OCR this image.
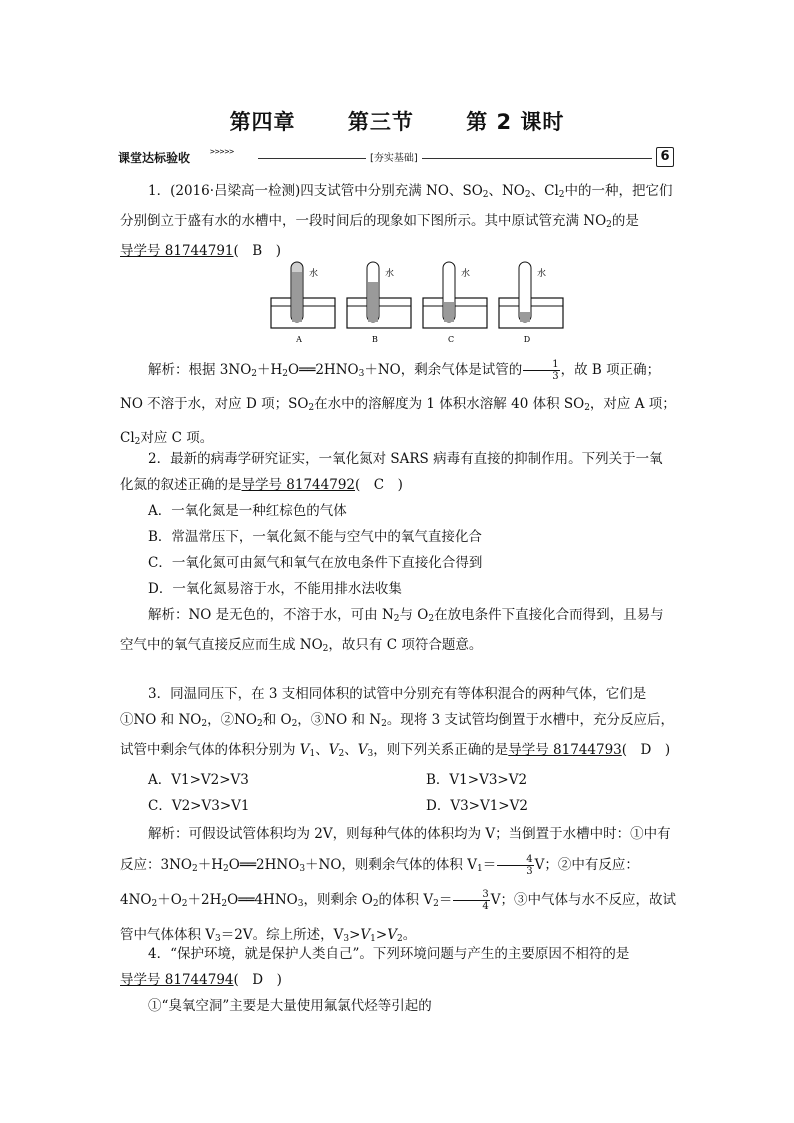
第四章 第三节 第 2 课时
课堂达标验收 >>>>>
[夯实基础]	6

1．(2016·吕梁高一检测)四支试管中分别充满 NO、$SO_2$、$NO_2$、$Cl_2$中的一种，把它们分别倒立于盛有水的水槽中，一段时间后的现象如下图所示。其中原试管充满 $NO_2$的是

导学号 81744791(　B　)

水
A
水
B
水
C
水
D

解析：根据 $3NO_2+H_2O══2HNO_3+NO$，剩余气体是试管的 $\frac{1}{3}$ ，故 B 项正确；NO 不溶于水，对应 D 项；$SO_2$在水中的溶解度为 1 体积水溶解 40 体积 $SO_2$，对应 A 项；$Cl_2$对应 C 项。

2．最新的病毒学研究证实，一氧化氮对 SARS 病毒有直接的抑制作用。下列关于一氧化氮的叙述正确的是导学号 81744792(　C　)

A．一氧化氮是一种红棕色的气体

B．常温常压下，一氧化氮不能与空气中的氧气直接化合

C．一氧化氮可由氮气和氧气在放电条件下直接化合得到

D．一氧化氮易溶于水，不能用排水法收集

解析：NO 是无色的，不溶于水，可由 $N_2$与 $O_2$在放电条件下直接化合而得到，且易与空气中的氧气直接反应而生成 $NO_2$，故只有 C 项符合题意。

3．同温同压下，在 3 支相同体积的试管中分别充有等体积混合的两种气体，它们是①NO 和 $NO_2$，$②NO_2$和 $O_2$，③NO 和 $N_2$。现将 3 支试管均倒置于水槽中，充分反应后，试管中剩余气体的体积分别为 $V_1$、$V_2$、$V_3$，则下列关系正确的是导学号 81744793(　D　)

A．V1>V2>V3	B．V1>V3>V2
C．V2>V3>V1	D．V3>V1>V2

解析：可假设试管体积均为 2V，则每种气体的体积均为 V；当倒置于水槽中时：①中有反应：$3NO_2+H_2O══2HNO_3+NO$，则剩余气体的体积 $V_1= \frac{4}{3}$ V；②中有反应：$4NO_2+O_2+2H_2O══4HNO_3$，则剩余 $O_2$的体积 $V_2= \frac{3}{4}$ V；③中气体与水不反应，故试管中气体体积 $V_3=2V$。综上所述，$V_3>V_1>V_2$。

4．“保护环境，就是保护人类自己”。下列环境问题与产生的主要原因不相符的是

导学号 81744794(　D　)

①“臭氧空洞”主要是大量使用氟氯代烃等引起的
